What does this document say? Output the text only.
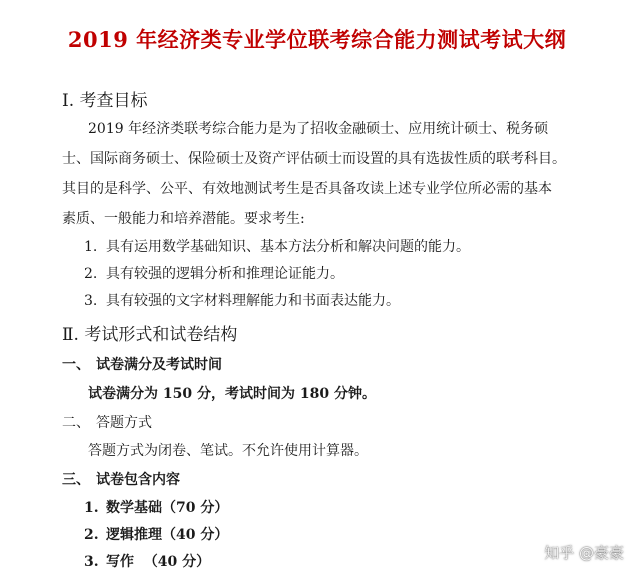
2019 年经济类专业学位联考综合能力测试考试大纲
Ⅰ. 考查目标
2019 年经济类联考综合能力是为了招收金融硕士、应用统计硕士、税务硕
士、国际商务硕士、保险硕士及资产评估硕士而设置的具有选拔性质的联考科目。
其目的是科学、公平、有效地测试考生是否具备攻读上述专业学位所必需的基本
素质、一般能力和培养潜能。要求考生:
1. 具有运用数学基础知识、基本方法分析和解决问题的能力。
2. 具有较强的逻辑分析和推理论证能力。
3. 具有较强的文字材料理解能力和书面表达能力。
Ⅱ. 考试形式和试卷结构
一、 试卷满分及考试时间
试卷满分为 150 分，考试时间为 180 分钟。
二、 答题方式
答题方式为闭卷、笔试。不允许使用计算器。
三、 试卷包含内容
1. 数学基础（70 分）
2. 逻辑推理（40 分）
3. 写作  （40 分）	知乎 @豪豪
